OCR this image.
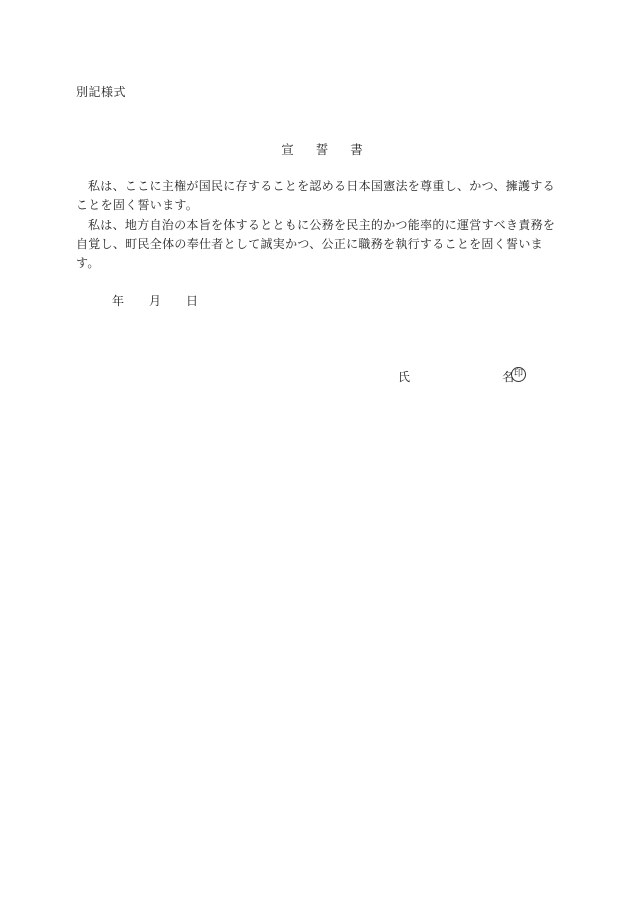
別記様式
宣 誓 書
私は、ここに主権が国民に存することを認める日本国憲法を尊重し、かつ、擁護することを固く誓います。
私は、地方自治の本旨を体するとともに公務を民主的かつ能率的に運営すべき責務を自覚し、町民全体の奉仕者として誠実かつ、公正に職務を執行することを固く誓います。
年	月	日
氏	名 印
